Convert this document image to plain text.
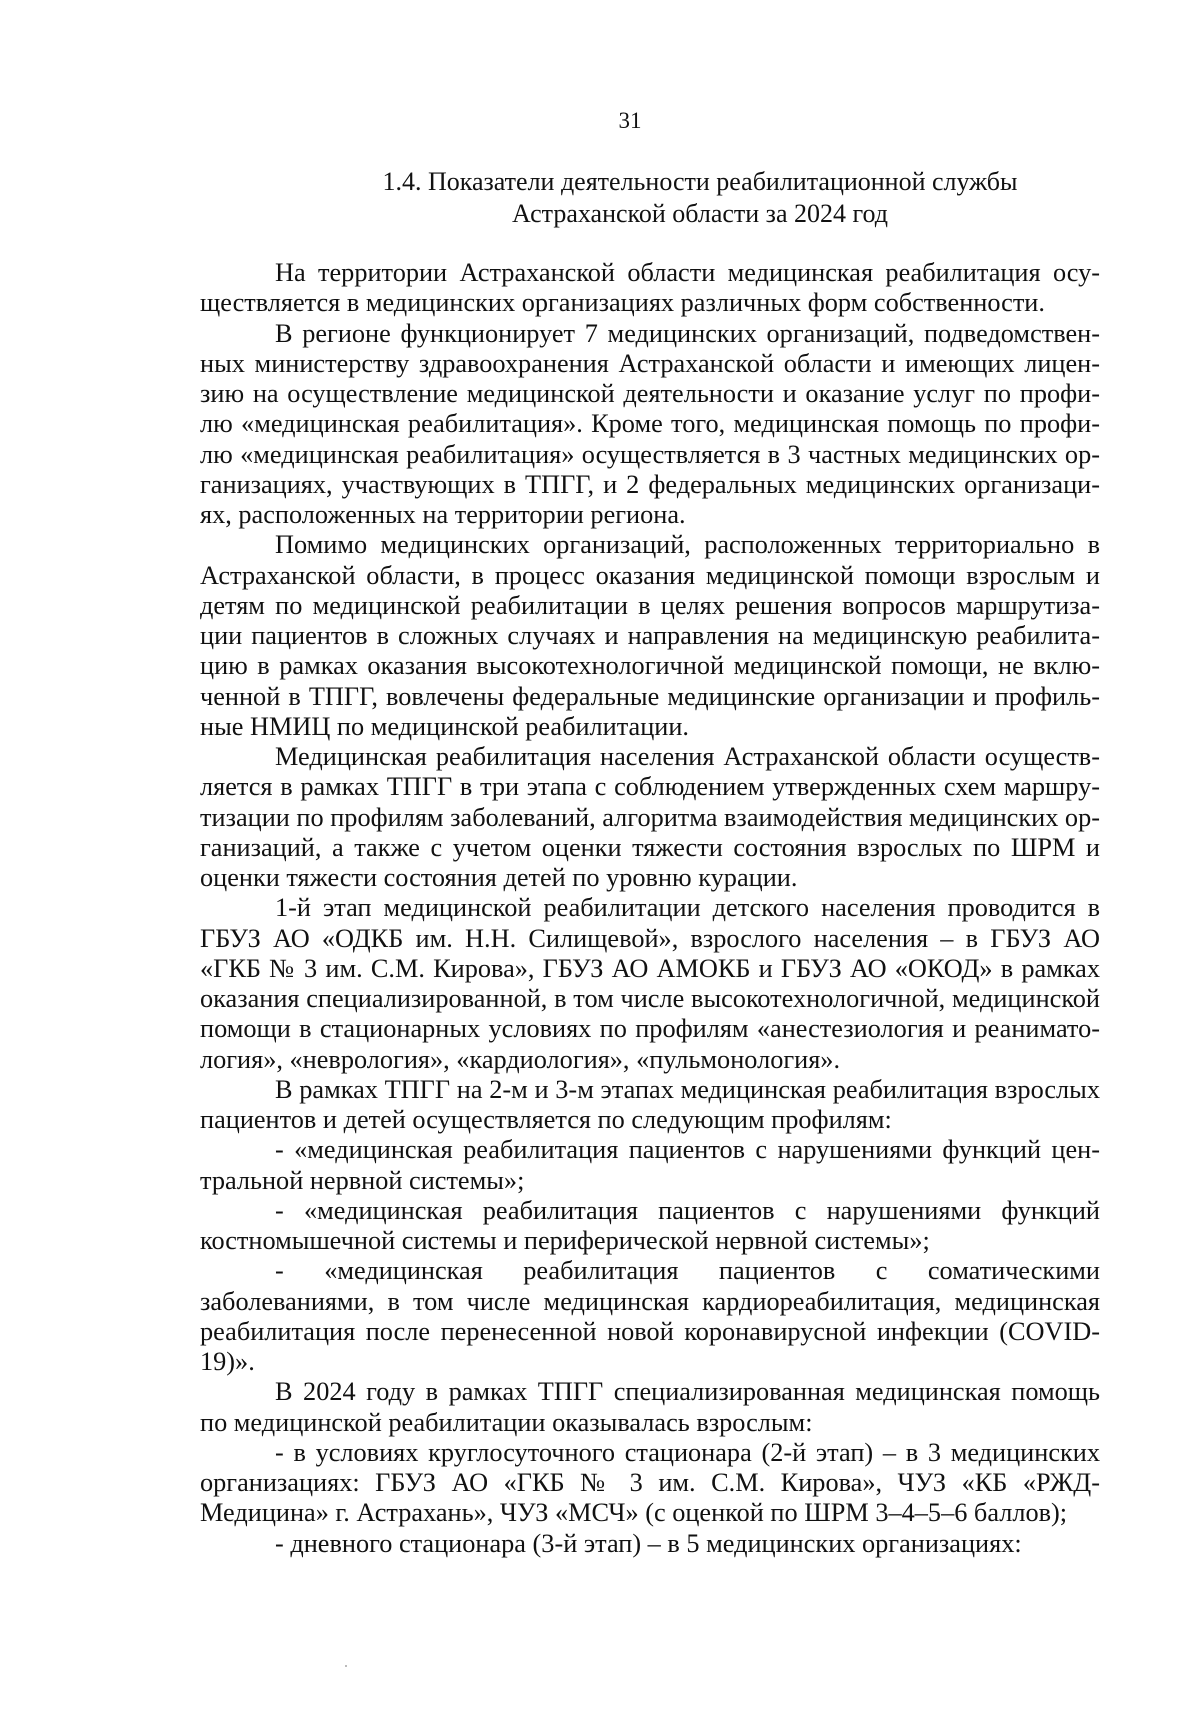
31
1.4. Показатели деятельности реабилитационной службы
Астраханской области за 2024 год

На территории Астраханской области медицинская реабилитация осуществляется в медицинских организациях различных форм собственности.

В регионе функционирует 7 медицинских организаций, подведомственных министерству здравоохранения Астраханской области и имеющих лицензию на осуществление медицинской деятельности и оказание услуг по профилю «медицинская реабилитация». Кроме того, медицинская помощь по профилю «медицинская реабилитация» осуществляется в 3 частных медицинских организациях, участвующих в ТПГГ, и 2 федеральных медицинских организациях, расположенных на территории региона.

Помимо медицинских организаций, расположенных территориально в Астраханской области, в процесс оказания медицинской помощи взрослым и детям по медицинской реабилитации в целях решения вопросов маршрутизации пациентов в сложных случаях и направления на медицинскую реабилитацию в рамках оказания высокотехнологичной медицинской помощи, не включенной в ТПГГ, вовлечены федеральные медицинские организации и профильные НМИЦ по медицинской реабилитации.

Медицинская реабилитация населения Астраханской области осуществляется в рамках ТПГГ в три этапа с соблюдением утвержденных схем маршрутизации по профилям заболеваний, алгоритма взаимодействия медицинских организаций, а также с учетом оценки тяжести состояния взрослых по ШРМ и оценки тяжести состояния детей по уровню курации.

1-й этап медицинской реабилитации детского населения проводится в ГБУЗ АО «ОДКБ им. Н.Н. Силищевой», взрослого населения – в ГБУЗ АО «ГКБ № 3 им. С.М. Кирова», ГБУЗ АО АМОКБ и ГБУЗ АО «ОКОД» в рамках оказания специализированной, в том числе высокотехнологичной, медицинской помощи в стационарных условиях по профилям «анестезиология и реаниматология», «неврология», «кардиология», «пульмонология».

В рамках ТПГГ на 2-м и 3-м этапах медицинская реабилитация взрослых пациентов и детей осуществляется по следующим профилям:

- «медицинская реабилитация пациентов с нарушениями функций центральной нервной системы»;

- «медицинская реабилитация пациентов с нарушениями функций костномышечной системы и периферической нервной системы»;

- «медицинская реабилитация пациентов с соматическими заболеваниями, в том числе медицинская кардиореабилитация, медицинская реабилитация после перенесенной новой коронавирусной инфекции (COVID-19)».

В 2024 году в рамках ТПГГ специализированная медицинская помощь по медицинской реабилитации оказывалась взрослым:

- в условиях круглосуточного стационара (2-й этап) – в 3 медицинских организациях: ГБУЗ АО «ГКБ № 3 им. С.М. Кирова», ЧУЗ «КБ «РЖД-Медицина» г. Астрахань», ЧУЗ «МСЧ» (с оценкой по ШРМ 3–4–5–6 баллов);

- дневного стационара (3-й этап) – в 5 медицинских организациях:
